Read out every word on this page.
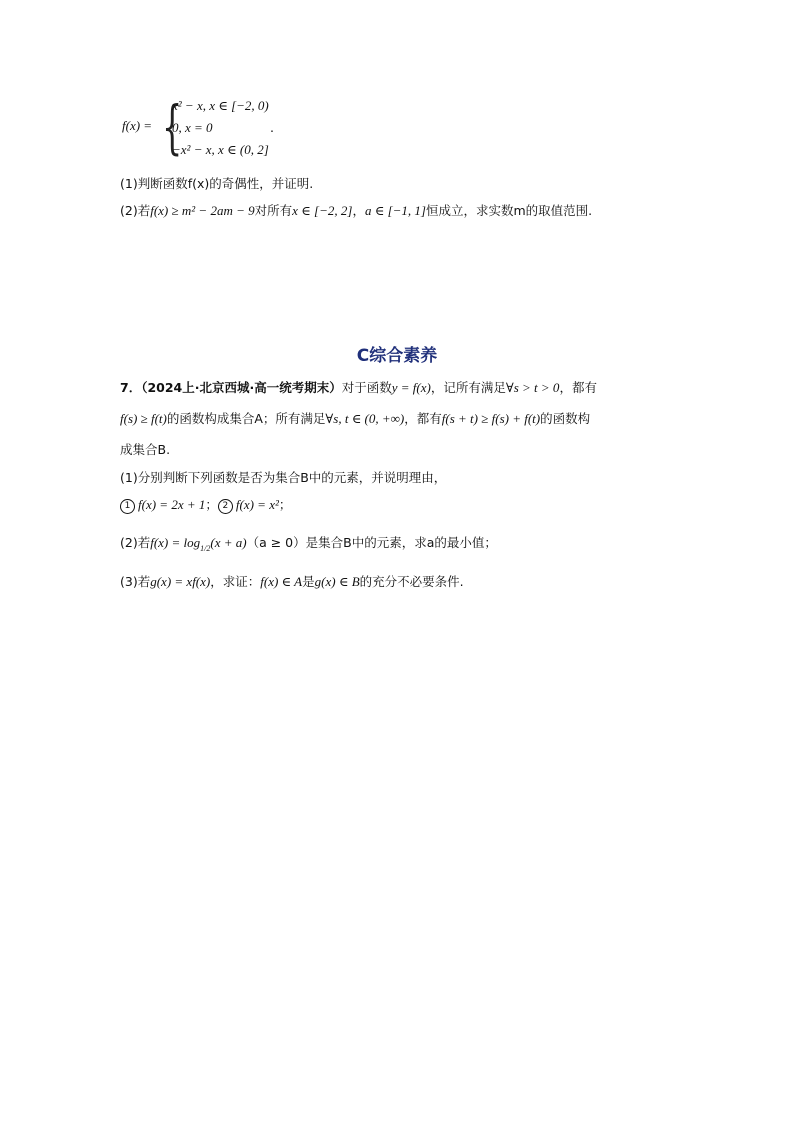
f(x) = {
x² − x, x ∈ [−2, 0)
0, x = 0
−x² − x, x ∈ (0, 2]
.
(1)判断函数f(x)的奇偶性，并证明.
(2)若f(x) ≥ m² − 2am − 9对所有x ∈ [−2, 2]，a ∈ [−1, 1]恒成立，求实数m的取值范围.
C综合素养
7．（2024上·北京西城·高一统考期末）对于函数y = f(x)，记所有满足∀s > t > 0，都有
f(s) ≥ f(t)的函数构成集合A；所有满足∀s, t ∈ (0, +∞)，都有f(s + t) ≥ f(s) + f(t)的函数构
成集合B.
(1)分别判断下列函数是否为集合B中的元素，并说明理由，
1 f(x) = 2x + 1； 2 f(x) = x²；
(2)若$f(x) = \log_{1/2}(x + a)(a \ge 0)$是集合B中的元素，求a的最小值；
(3)若g(x) = xf(x)，求证：f(x) ∈ A是g(x) ∈ B的充分不必要条件.
